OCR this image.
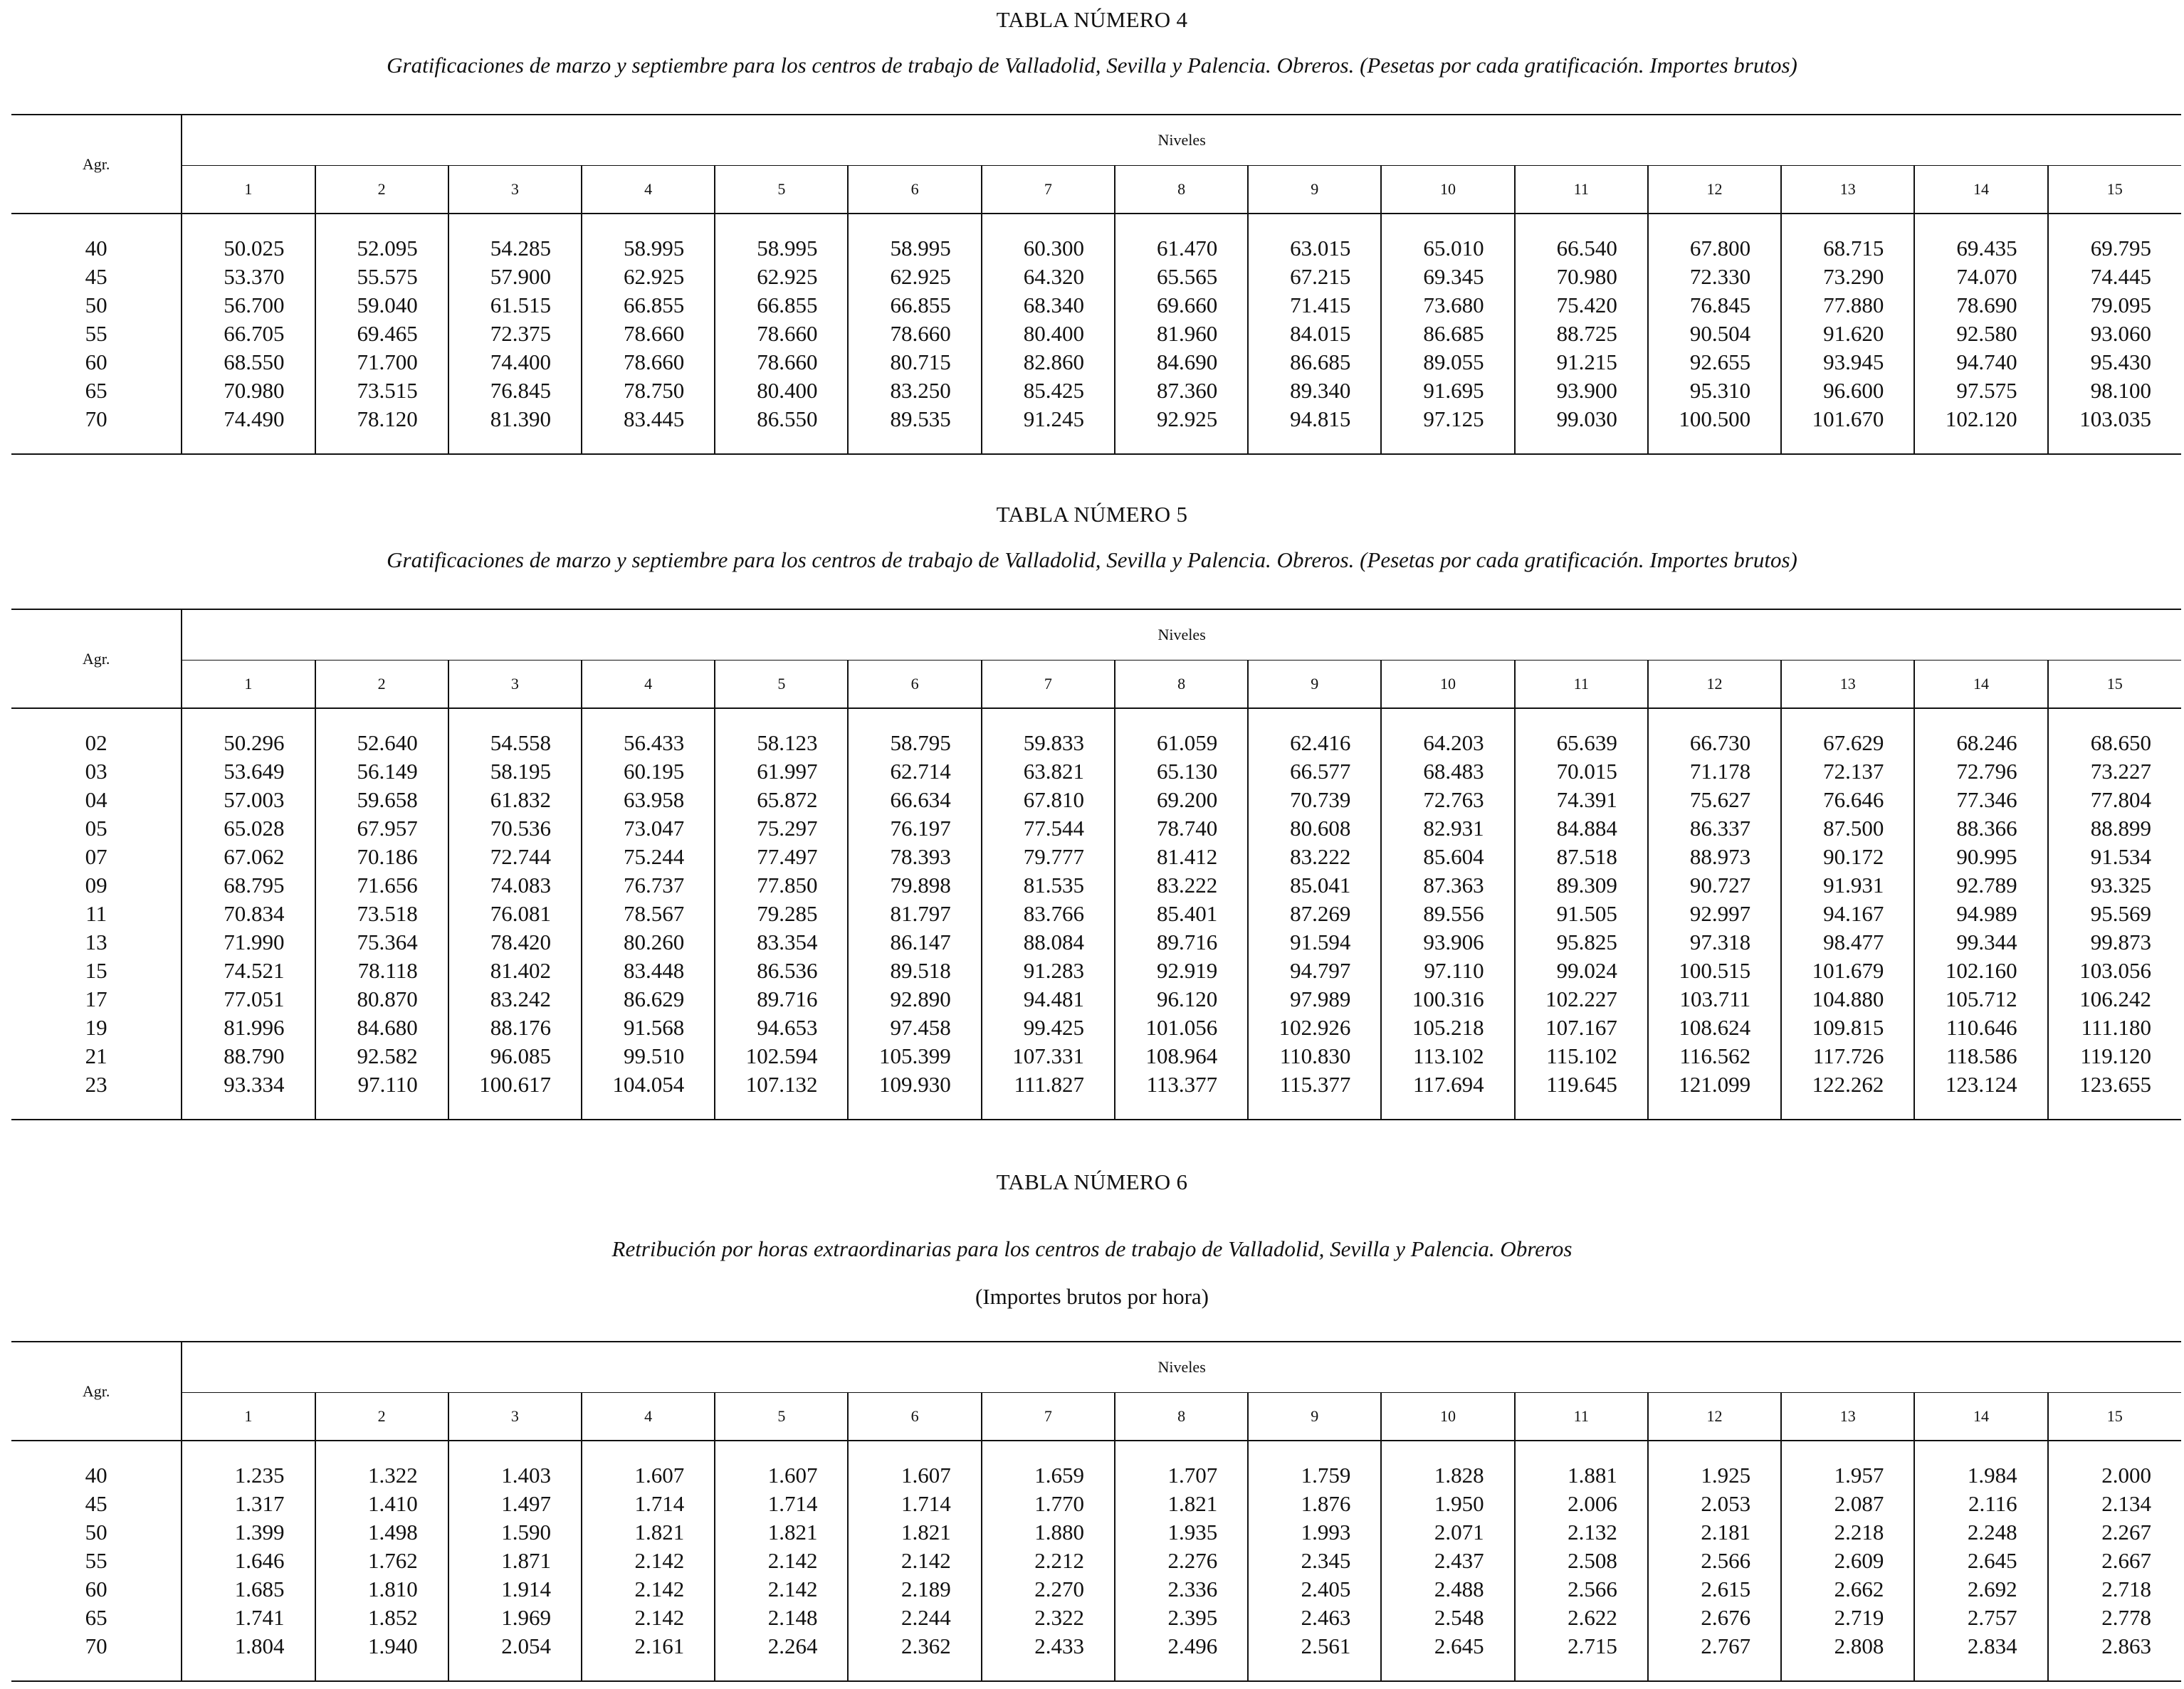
TABLA NÚMERO 4
Gratificaciones de marzo y septiembre para los centros de trabajo de Valladolid, Sevilla y Palencia. Obreros. (Pesetas por cada gratificación. Importes brutos)
Agr.	Niveles														
	1	2	3	4	5	6	7	8	9	10	11	12	13	14	15
40	50.025	52.095	54.285	58.995	58.995	58.995	60.300	61.470	63.015	65.010	66.540	67.800	68.715	69.435	69.795
45	53.370	55.575	57.900	62.925	62.925	62.925	64.320	65.565	67.215	69.345	70.980	72.330	73.290	74.070	74.445
50	56.700	59.040	61.515	66.855	66.855	66.855	68.340	69.660	71.415	73.680	75.420	76.845	77.880	78.690	79.095
55	66.705	69.465	72.375	78.660	78.660	78.660	80.400	81.960	84.015	86.685	88.725	90.504	91.620	92.580	93.060
60	68.550	71.700	74.400	78.660	78.660	80.715	82.860	84.690	86.685	89.055	91.215	92.655	93.945	94.740	95.430
65	70.980	73.515	76.845	78.750	80.400	83.250	85.425	87.360	89.340	91.695	93.900	95.310	96.600	97.575	98.100
70	74.490	78.120	81.390	83.445	86.550	89.535	91.245	92.925	94.815	97.125	99.030	100.500	101.670	102.120	103.035
TABLA NÚMERO 5
Gratificaciones de marzo y septiembre para los centros de trabajo de Valladolid, Sevilla y Palencia. Obreros. (Pesetas por cada gratificación. Importes brutos)
Agr.	Niveles														
	1	2	3	4	5	6	7	8	9	10	11	12	13	14	15
02	50.296	52.640	54.558	56.433	58.123	58.795	59.833	61.059	62.416	64.203	65.639	66.730	67.629	68.246	68.650
03	53.649	56.149	58.195	60.195	61.997	62.714	63.821	65.130	66.577	68.483	70.015	71.178	72.137	72.796	73.227
04	57.003	59.658	61.832	63.958	65.872	66.634	67.810	69.200	70.739	72.763	74.391	75.627	76.646	77.346	77.804
05	65.028	67.957	70.536	73.047	75.297	76.197	77.544	78.740	80.608	82.931	84.884	86.337	87.500	88.366	88.899
07	67.062	70.186	72.744	75.244	77.497	78.393	79.777	81.412	83.222	85.604	87.518	88.973	90.172	90.995	91.534
09	68.795	71.656	74.083	76.737	77.850	79.898	81.535	83.222	85.041	87.363	89.309	90.727	91.931	92.789	93.325
11	70.834	73.518	76.081	78.567	79.285	81.797	83.766	85.401	87.269	89.556	91.505	92.997	94.167	94.989	95.569
13	71.990	75.364	78.420	80.260	83.354	86.147	88.084	89.716	91.594	93.906	95.825	97.318	98.477	99.344	99.873
15	74.521	78.118	81.402	83.448	86.536	89.518	91.283	92.919	94.797	97.110	99.024	100.515	101.679	102.160	103.056
17	77.051	80.870	83.242	86.629	89.716	92.890	94.481	96.120	97.989	100.316	102.227	103.711	104.880	105.712	106.242
19	81.996	84.680	88.176	91.568	94.653	97.458	99.425	101.056	102.926	105.218	107.167	108.624	109.815	110.646	111.180
21	88.790	92.582	96.085	99.510	102.594	105.399	107.331	108.964	110.830	113.102	115.102	116.562	117.726	118.586	119.120
23	93.334	97.110	100.617	104.054	107.132	109.930	111.827	113.377	115.377	117.694	119.645	121.099	122.262	123.124	123.655
TABLA NÚMERO 6
Retribución por horas extraordinarias para los centros de trabajo de Valladolid, Sevilla y Palencia. Obreros
(Importes brutos por hora)
Agr.	Niveles														
	1	2	3	4	5	6	7	8	9	10	11	12	13	14	15
40	1.235	1.322	1.403	1.607	1.607	1.607	1.659	1.707	1.759	1.828	1.881	1.925	1.957	1.984	2.000
45	1.317	1.410	1.497	1.714	1.714	1.714	1.770	1.821	1.876	1.950	2.006	2.053	2.087	2.116	2.134
50	1.399	1.498	1.590	1.821	1.821	1.821	1.880	1.935	1.993	2.071	2.132	2.181	2.218	2.248	2.267
55	1.646	1.762	1.871	2.142	2.142	2.142	2.212	2.276	2.345	2.437	2.508	2.566	2.609	2.645	2.667
60	1.685	1.810	1.914	2.142	2.142	2.189	2.270	2.336	2.405	2.488	2.566	2.615	2.662	2.692	2.718
65	1.741	1.852	1.969	2.142	2.148	2.244	2.322	2.395	2.463	2.548	2.622	2.676	2.719	2.757	2.778
70	1.804	1.940	2.054	2.161	2.264	2.362	2.433	2.496	2.561	2.645	2.715	2.767	2.808	2.834	2.863
